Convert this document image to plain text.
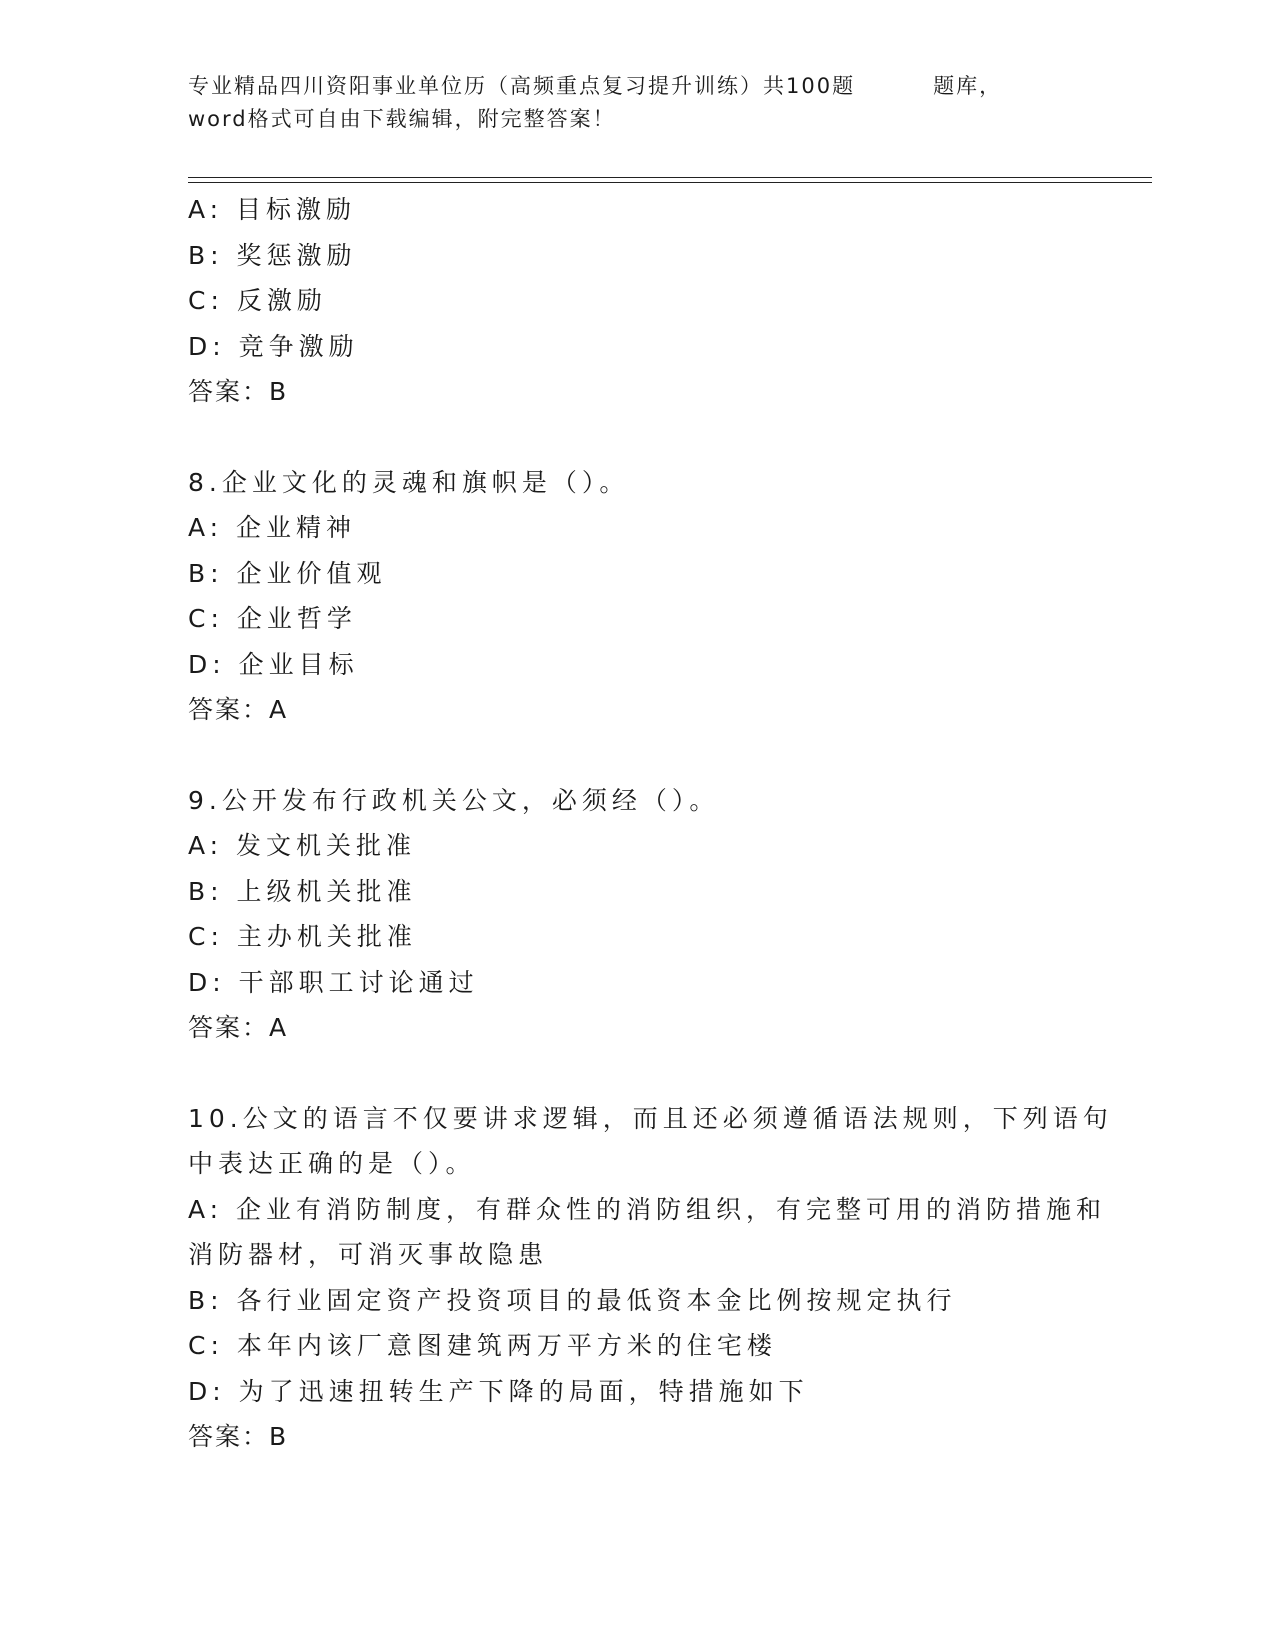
专业精品四川资阳事业单位历（高频重点复习提升训练）共100题	题库，
word格式可自由下载编辑，附完整答案！
A: 目标激励
B: 奖惩激励
C: 反激励
D: 竞争激励
答案：B
8.企业文化的灵魂和旗帜是（）。
A: 企业精神
B: 企业价值观
C: 企业哲学
D: 企业目标
答案：A
9.公开发布行政机关公文，必须经（）。
A: 发文机关批准
B: 上级机关批准
C: 主办机关批准
D: 干部职工讨论通过
答案：A
10.公文的语言不仅要讲求逻辑，而且还必须遵循语法规则，下列语句
中表达正确的是（）。
A: 企业有消防制度，有群众性的消防组织，有完整可用的消防措施和
消防器材，可消灭事故隐患
B: 各行业固定资产投资项目的最低资本金比例按规定执行
C: 本年内该厂意图建筑两万平方米的住宅楼
D: 为了迅速扭转生产下降的局面，特措施如下
答案：B
